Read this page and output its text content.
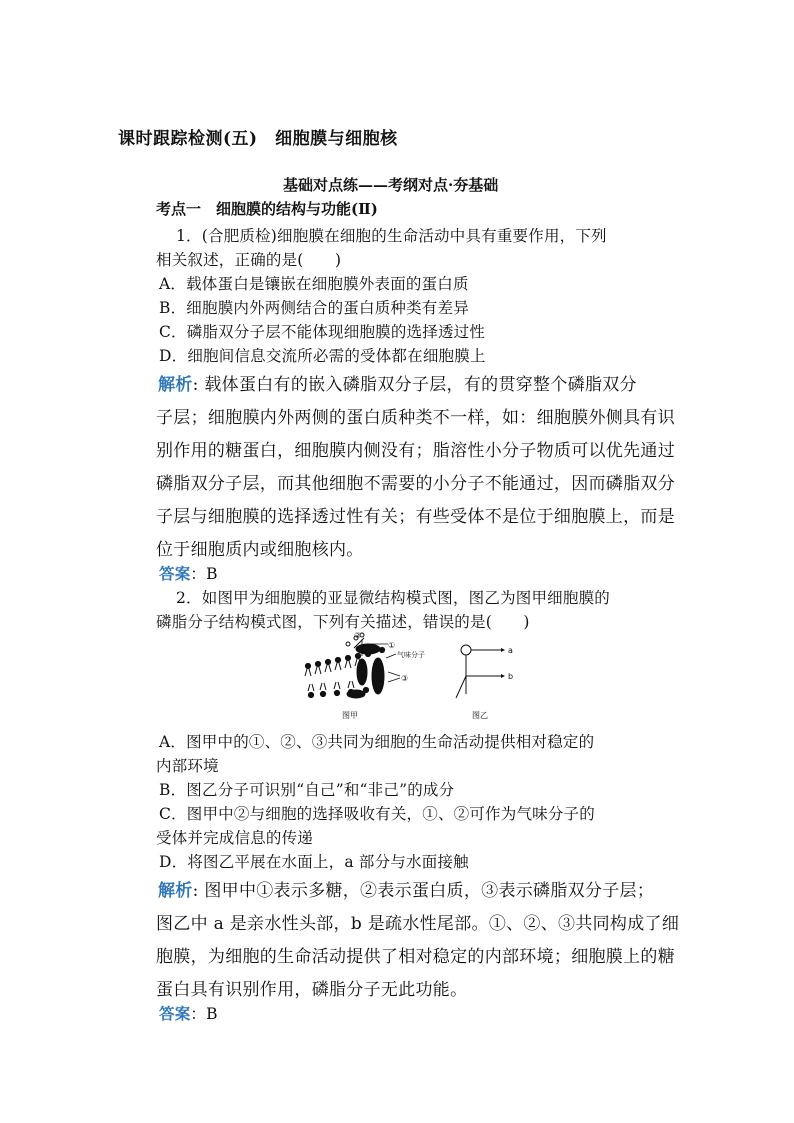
课时跟踪检测(五)　细胞膜与细胞核
基础对点练——考纲对点·夯基础
考点一　细胞膜的结构与功能(Ⅱ)
1．(合肥质检)细胞膜在细胞的生命活动中具有重要作用，下列
相关叙述，正确的是(　　)
A．载体蛋白是镶嵌在细胞膜外表面的蛋白质
B．细胞膜内外两侧结合的蛋白质种类有差异
C．磷脂双分子层不能体现细胞膜的选择透过性
D．细胞间信息交流所必需的受体都在细胞膜上
解析: 载体蛋白有的嵌入磷脂双分子层，有的贯穿整个磷脂双分
子层；细胞膜内外两侧的蛋白质种类不一样，如：细胞膜外侧具有识
别作用的糖蛋白，细胞膜内侧没有；脂溶性小分子物质可以优先通过
磷脂双分子层，而其他细胞不需要的小分子不能通过，因而磷脂双分
子层与细胞膜的选择透过性有关；有些受体不是位于细胞膜上，而是
位于细胞质内或细胞核内。
答案：B
2．如图甲为细胞膜的亚显微结构模式图，图乙为图甲细胞膜的
磷脂分子结构模式图，下列有关描述，错误的是(　　)
②
①
气味分子
③
图甲
a
b
图乙
A．图甲中的①、②、③共同为细胞的生命活动提供相对稳定的
内部环境
B．图乙分子可识别“自己”和“非己”的成分
C．图甲中②与细胞的选择吸收有关，①、②可作为气味分子的
受体并完成信息的传递
D．将图乙平展在水面上，a 部分与水面接触
解析: 图甲中①表示多糖，②表示蛋白质，③表示磷脂双分子层；
图乙中 a 是亲水性头部，b 是疏水性尾部。①、②、③共同构成了细
胞膜，为细胞的生命活动提供了相对稳定的内部环境；细胞膜上的糖
蛋白具有识别作用，磷脂分子无此功能。
答案：B
